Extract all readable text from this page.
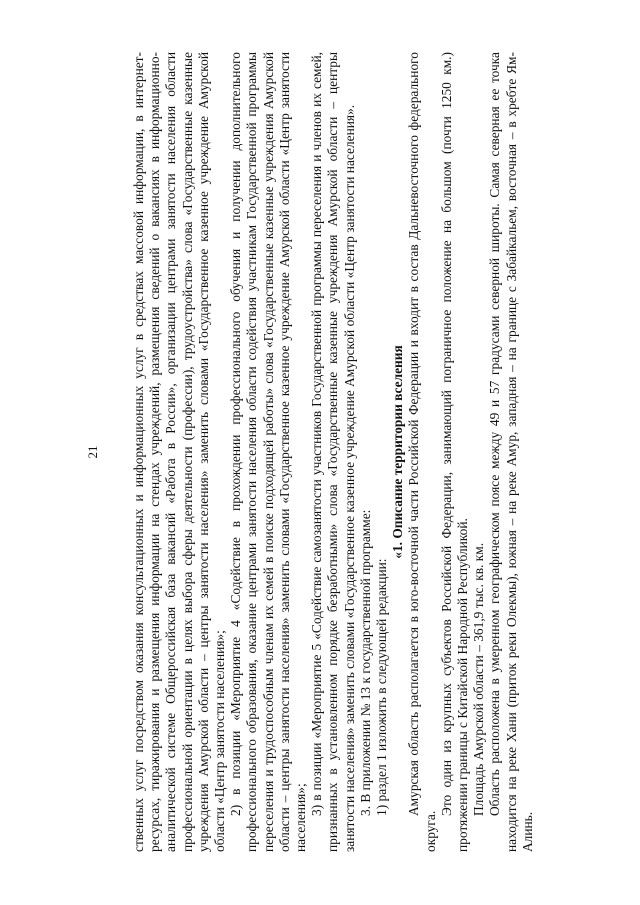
21 ственных услуг посредством оказания консультационных и информационных услуг в средствах массовой информации, в интернет-ресурсах, тиражирования и размещения информации на стендах учреждений, размещения сведений о вакансиях в информационно-аналитической системе Общероссийская база вакансий «Работа в России», организации центрами занятости населения области профессиональной ориентации в целях выбора сферы деятельности (профессии), трудоустройства» слова «Государственные казенные учреждения Амурской области – центры занятости населения» заменить словами «Государственное казенное учреждение Амурской области «Центр занятости населения»; 2) в позиции «Мероприятие 4 «Содействие в прохождении профессионального обучения и получении дополнительного профессионального образования, оказание центрами занятости населения области содействия участникам Государственной программы переселения и трудоспособным членам их семей в поиске подходящей работы» слова «Государственные казенные учреждения Амурской области – центры занятости населения» заменить словами «Государственное казенное учреждение Амурской области «Центр занятости населения»;

3) в позиции «Мероприятие 5 «Содействие самозанятости участников Государственной программы переселения и членов их семей, признанных в установленном порядке безработными» слова «Государственные казенные учреждения Амурской области – центры занятости населения» заменить словами «Государственное казенное учреждение Амурской области «Центр занятости населения». 3. В приложении № 13 к государственной программе: 1) раздел 1 изложить в следующей редакции:

«1. Описание территории вселения Амурская область располагается в юго-восточной части Российской Федерации и входит в состав Дальневосточного федерального округа.

Это один из крупных субъектов Российской Федерации, занимающий пограничное положение на большом (почти 1250 км.) протяжении границы с Китайской Народной Республикой. Площадь Амурской области – 361,9 тыс. кв. км. Область расположена в умеренном географическом поясе между 49 и 57 градусами северной широты. Самая северная ее точка находится на реке Хани (приток реки Олекмы), южная – на реке Амур, западная – на границе с Забайкальем, восточная – в хребте Ям-Алинь.
